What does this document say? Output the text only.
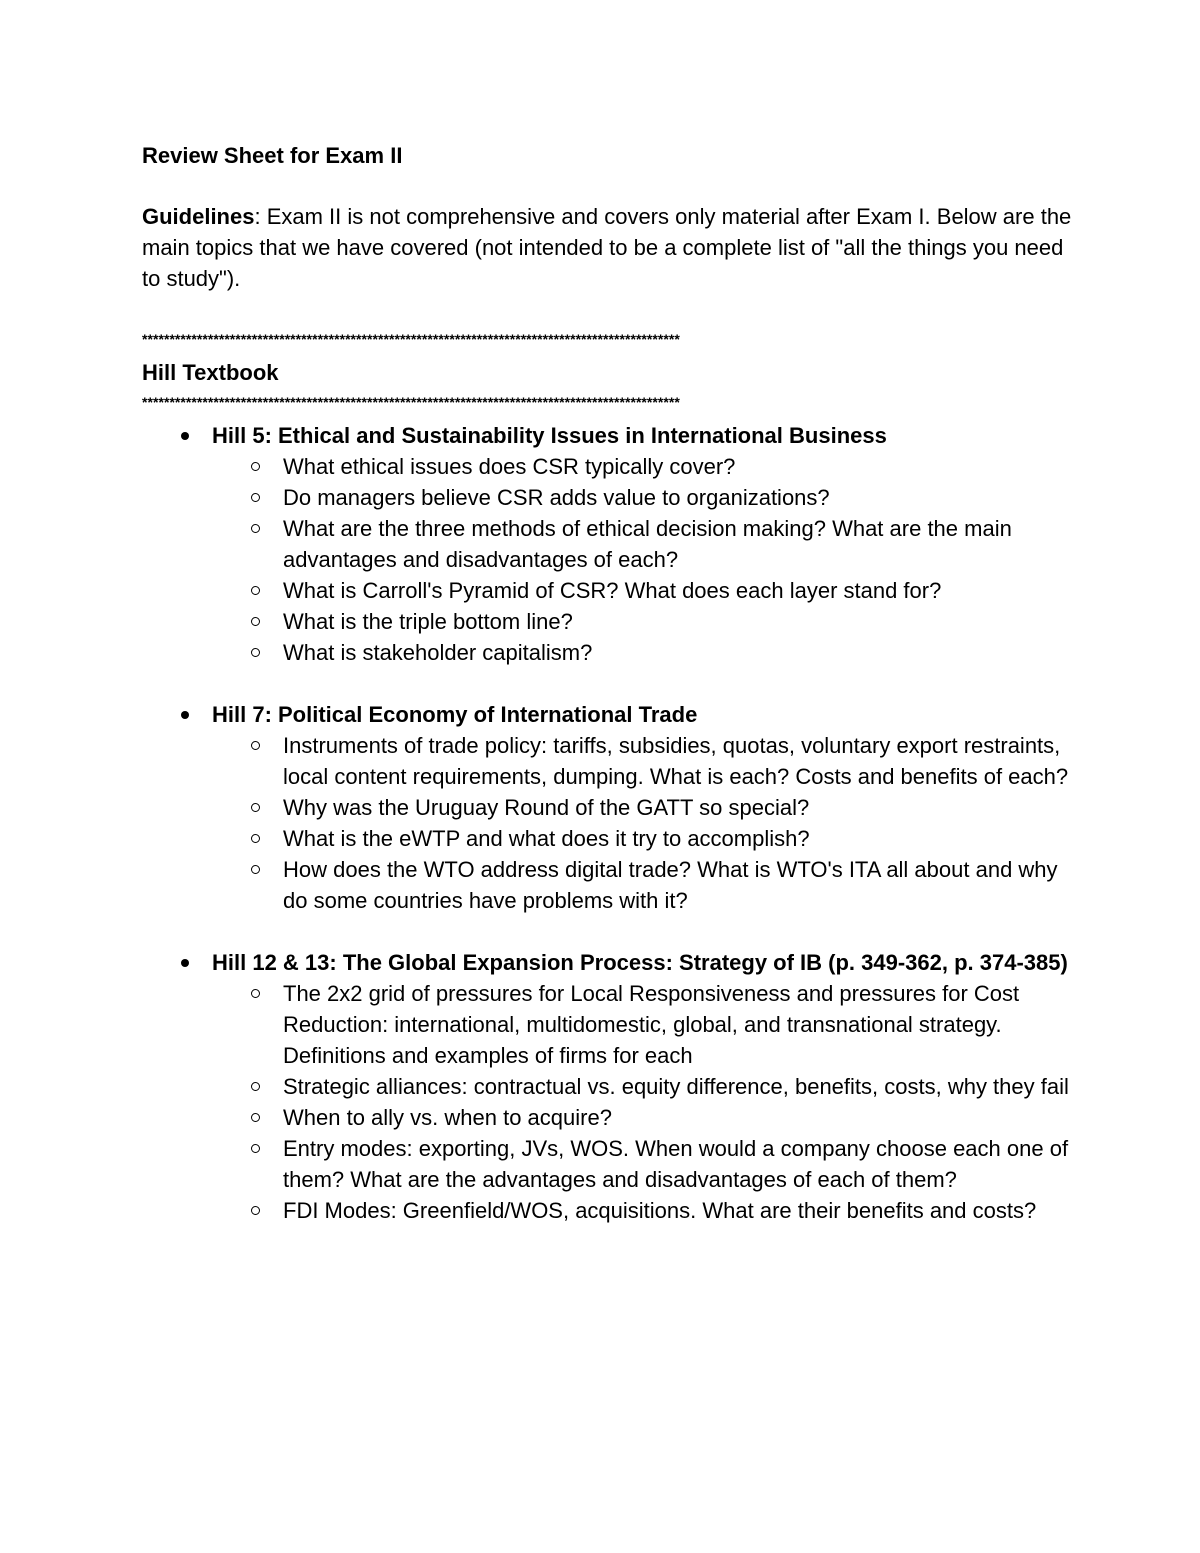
Review Sheet for Exam II

Guidelines: Exam II is not comprehensive and covers only material after Exam I. Below are the main topics that we have covered (not intended to be a complete list of "all the things you need to study").

**************************************************************************************************
Hill Textbook
**************************************************************************************************
Hill 5: Ethical and Sustainability Issues in International Business
What ethical issues does CSR typically cover?
Do managers believe CSR adds value to organizations?
What are the three methods of ethical decision making? What are the main advantages and disadvantages of each?
What is Carroll's Pyramid of CSR? What does each layer stand for?
What is the triple bottom line?
What is stakeholder capitalism?
Hill 7: Political Economy of International Trade
Instruments of trade policy: tariffs, subsidies, quotas, voluntary export restraints, local content requirements, dumping. What is each? Costs and benefits of each?
Why was the Uruguay Round of the GATT so special?
What is the eWTP and what does it try to accomplish?
How does the WTO address digital trade? What is WTO's ITA all about and why do some countries have problems with it?
Hill 12 & 13: The Global Expansion Process: Strategy of IB (p. 349-362, p. 374-385)
The 2x2 grid of pressures for Local Responsiveness and pressures for Cost Reduction: international, multidomestic, global, and transnational strategy. Definitions and examples of firms for each
Strategic alliances: contractual vs. equity difference, benefits, costs, why they fail
When to ally vs. when to acquire?
Entry modes: exporting, JVs, WOS. When would a company choose each one of them? What are the advantages and disadvantages of each of them?
FDI Modes: Greenfield/WOS, acquisitions. What are their benefits and costs?
